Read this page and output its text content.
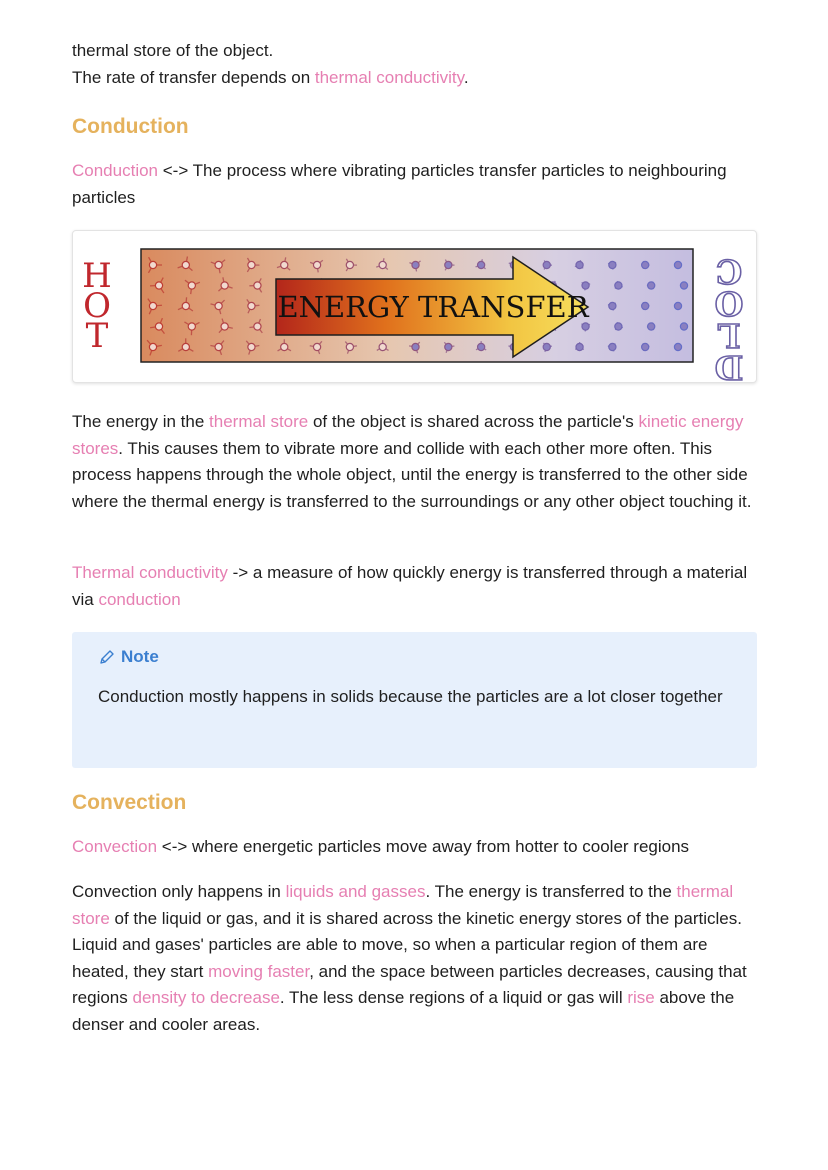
thermal store of the object.
The rate of transfer depends on thermal conductivity.

Conduction

Conduction <-> The process where vibrating particles transfer particles to neighbouring particles

H
O
T
ENERGY TRANSFER
C
O
L
D

The energy in the thermal store of the object is shared across the particle's kinetic energy stores. This causes them to vibrate more and collide with each other more often. This process happens through the whole object, until the energy is transferred to the other side where the thermal energy is transferred to the surroundings or any other object touching it.

Thermal conductivity -> a measure of how quickly energy is transferred through a material via conduction

Note

Conduction mostly happens in solids because the particles are a lot closer together

Convection

Convection <-> where energetic particles move away from hotter to cooler regions

Convection only happens in liquids and gasses. The energy is transferred to the thermal store of the liquid or gas, and it is shared across the kinetic energy stores of the particles.
Liquid and gases' particles are able to move, so when a particular region of them are heated, they start moving faster, and the space between particles decreases, causing that regions density to decrease. The less dense regions of a liquid or gas will rise above the denser and cooler areas.
